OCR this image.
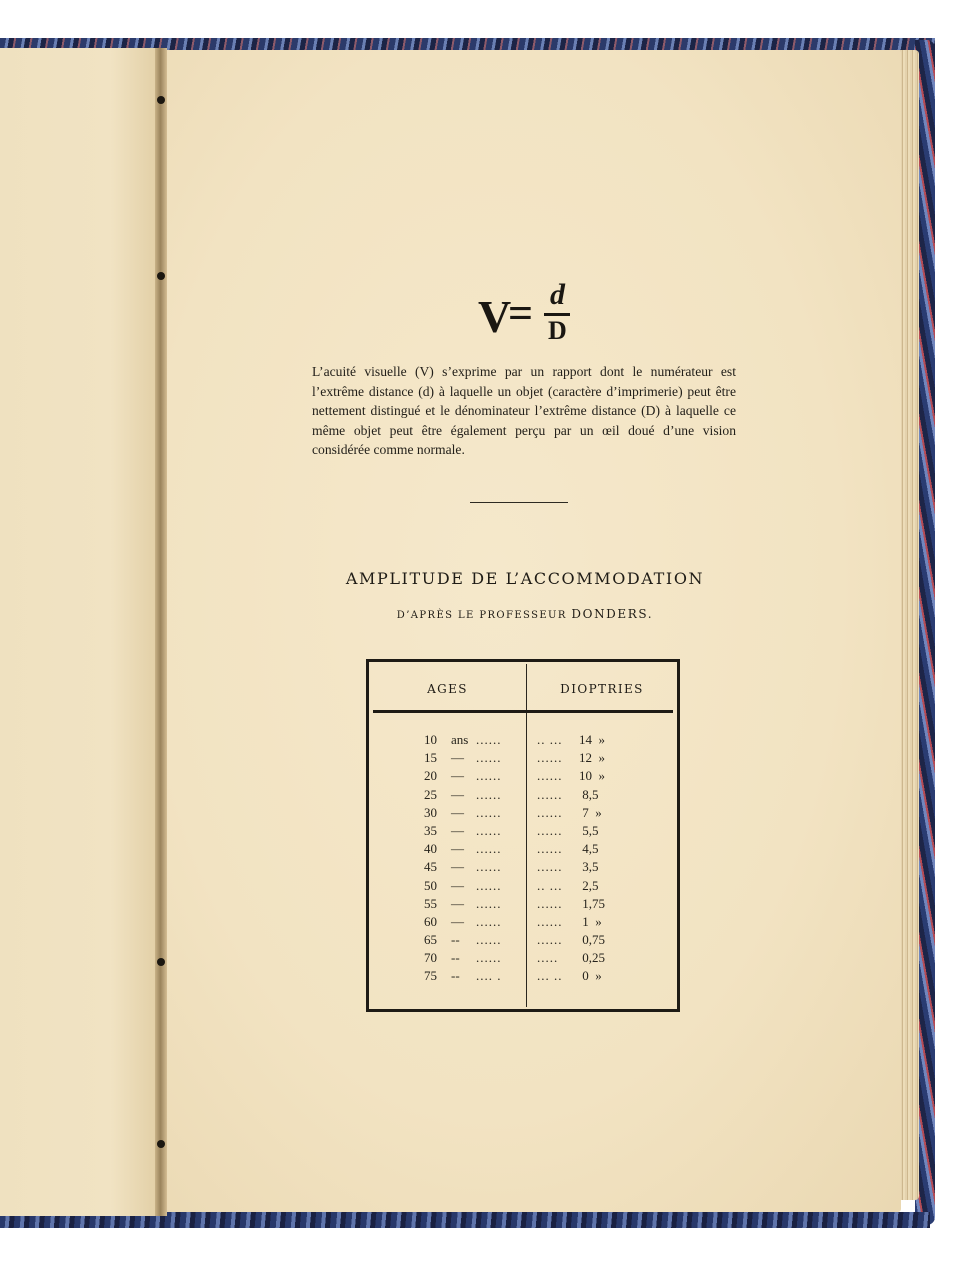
V
= d
D

L’acuité visuelle (V) s’exprime par un rapport dont le numérateur est l’extrême distance (d) à laquelle un objet (caractère d’imprimerie) peut être nettement distingué et le dénominateur l’extrême distance (D) à laquelle ce même objet peut être également perçu par un œil doué d’une vision considérée comme normale.

AMPLITUDE DE L’ACCOMMODATION
D’APRÈS LE PROFESSEUR DONDERS.
AGES	DIOPTRIES
10 ans ......	.. ... 14  »
15 — ......	...... 12  »
20 — ......	...... 10  »
25 — ......	...... 8,5
30 — ......	...... 7  »
35 — ......	...... 5,5
40 — ......	...... 4,5
45 — ......	...... 3,5
50 — ......	.. ... 2,5
55 — ......	...... 1,75
60 — ......	...... 1  »
65 -- ......	...... 0,75
70 -- ......	..... 0,25
75 -- .... .	... .. 0  »
